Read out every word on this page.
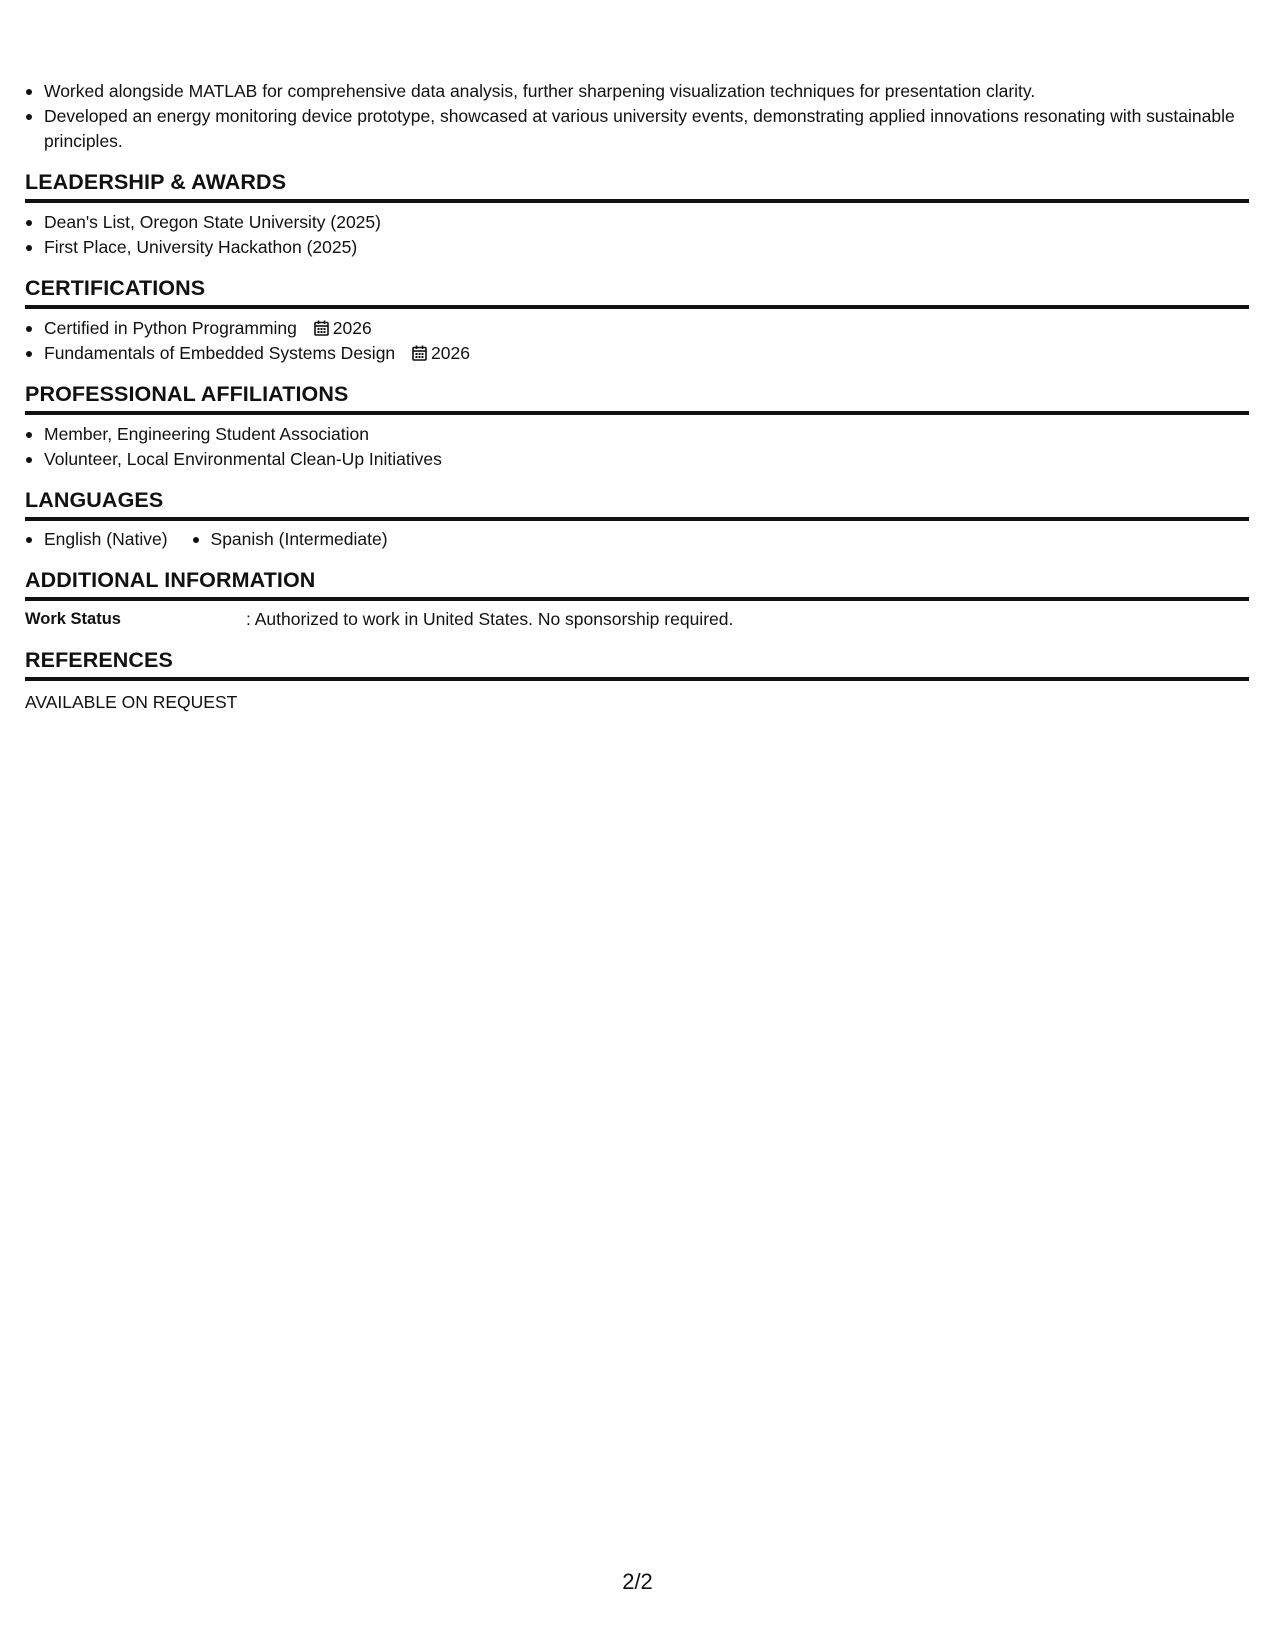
Worked alongside MATLAB for comprehensive data analysis, further sharpening visualization techniques for presentation clarity.
Developed an energy monitoring device prototype, showcased at various university events, demonstrating applied innovations resonating with sustainable principles.
LEADERSHIP & AWARDS
Dean's List, Oregon State University (2025)
First Place, University Hackathon (2025)
CERTIFICATIONS
Certified in Python Programming 2026
Fundamentals of Embedded Systems Design 2026
PROFESSIONAL AFFILIATIONS
Member, Engineering Student Association
Volunteer, Local Environmental Clean-Up Initiatives
LANGUAGES
English (Native)	Spanish (Intermediate)
ADDITIONAL INFORMATION
Work Status	: Authorized to work in United States. No sponsorship required.
REFERENCES
AVAILABLE ON REQUEST
2/2
